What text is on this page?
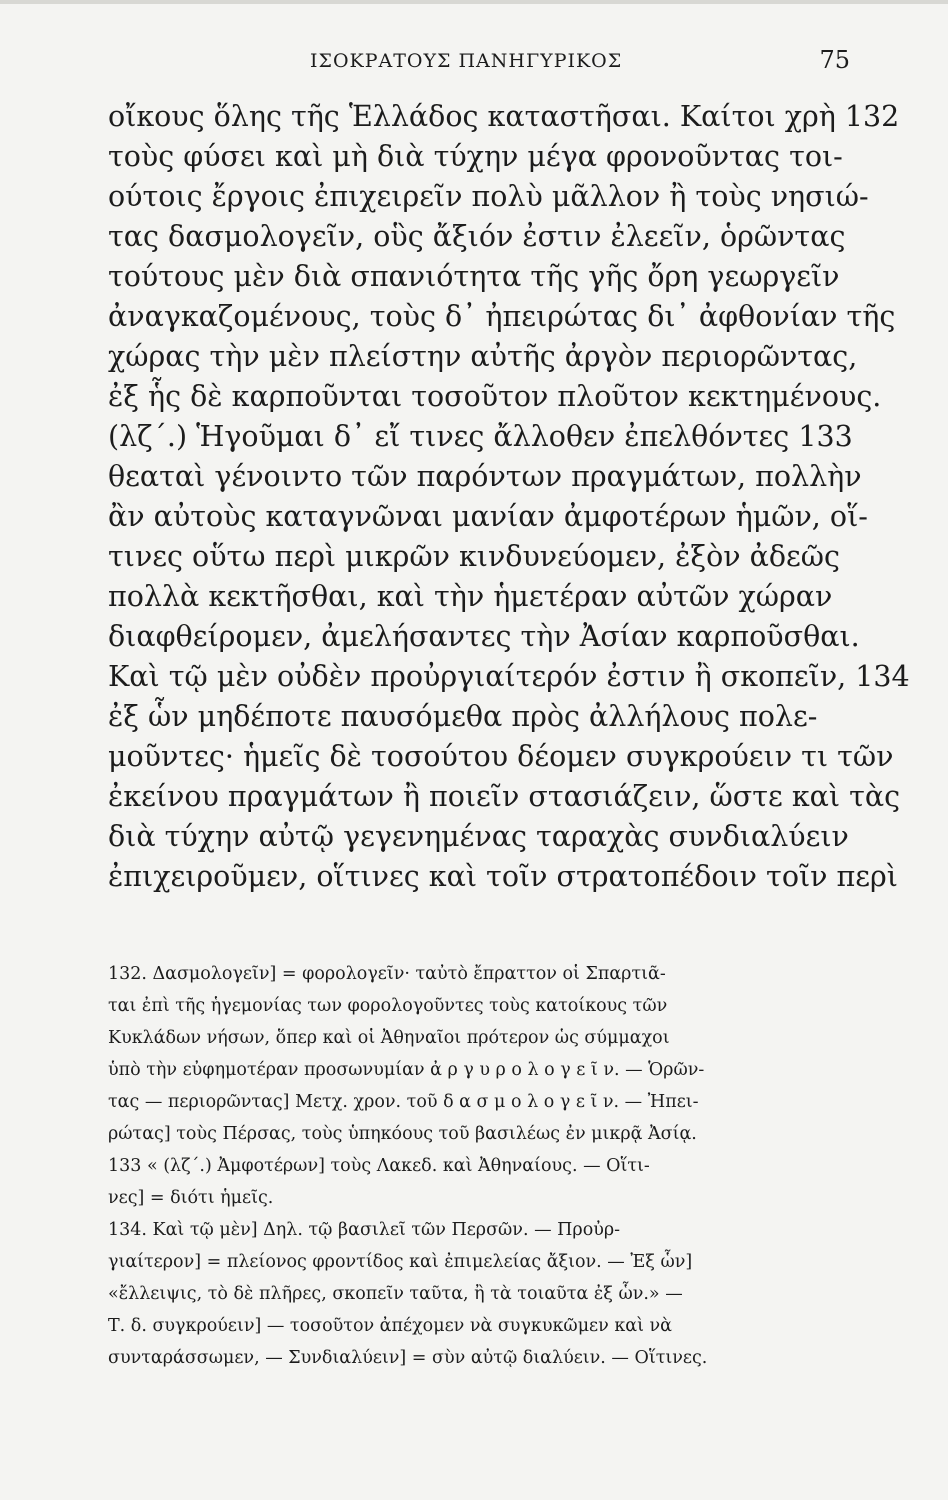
ΙΣΟΚΡΑΤΟΥΣ ΠΑΝΗΓΥΡΙΚΟΣ	75
οἴκους ὅλης τῆς Ἑλλάδος καταστῆσαι. Καίτοι χρὴ 132
τοὺς φύσει καὶ μὴ διὰ τύχην μέγα φρονοῦντας τοι-
ούτοις ἔργοις ἐπιχειρεῖν πολὺ μᾶλλον ἢ τοὺς νησιώ-
τας δασμολογεῖν, οὓς ἄξιόν ἐστιν ἐλεεῖν, ὁρῶντας
τούτους μὲν διὰ σπανιότητα τῆς γῆς ὄρη γεωργεῖν
ἀναγκαζομένους, τοὺς δ᾽ ἠπειρώτας δι᾽ ἀφθονίαν τῆς
χώρας τὴν μὲν πλείστην αὐτῆς ἀργὸν περιορῶντας,
ἐξ ἧς δὲ καρποῦνται τοσοῦτον πλοῦτον κεκτημένους.
(λζ΄.) Ἡγοῦμαι δ᾽ εἴ τινες ἄλλοθεν ἐπελθόντες 133
θεαταὶ γένοιντο τῶν παρόντων πραγμάτων, πολλὴν
ἂν αὐτοὺς καταγνῶναι μανίαν ἀμφοτέρων ἡμῶν, οἵ-
τινες οὕτω περὶ μικρῶν κινδυνεύομεν, ἐξὸν ἀδεῶς
πολλὰ κεκτῆσθαι, καὶ τὴν ἡμετέραν αὐτῶν χώραν
διαφθείρομεν, ἀμελήσαντες τὴν Ἀσίαν καρποῦσθαι.
Καὶ τῷ μὲν οὐδὲν προὐργιαίτερόν ἐστιν ἢ σκοπεῖν, 134
ἐξ ὧν μηδέποτε παυσόμεθα πρὸς ἀλλήλους πολε-
μοῦντες· ἡμεῖς δὲ τοσούτου δέομεν συγκρούειν τι τῶν
ἐκείνου πραγμάτων ἢ ποιεῖν στασιάζειν, ὥστε καὶ τὰς
διὰ τύχην αὐτῷ γεγενημένας ταραχὰς συνδιαλύειν
ἐπιχειροῦμεν, οἵτινες καὶ τοῖν στρατοπέδοιν τοῖν περὶ
132. Δασμολογεῖν] = φορολογεῖν· ταὐτὸ ἔπραττον οἱ Σπαρτιᾶ-
ται ἐπὶ τῆς ἡγεμονίας των φορολογοῦντες τοὺς κατοίκους τῶν
Κυκλάδων νήσων, ὅπερ καὶ οἱ Ἀθηναῖοι πρότερον ὡς σύμμαχοι
ὑπὸ τὴν εὐφημοτέραν προσωνυμίαν ἀ ρ γ υ ρ ο λ ο γ ε ῖ ν. — Ὁρῶν-
τας — περιορῶντας] Μετχ. χρον. τοῦ δ α σ μ ο λ ο γ ε ῖ ν. — Ἠπει-
ρώτας] τοὺς Πέρσας, τοὺς ὑπηκόους τοῦ βασιλέως ἐν μικρᾷ Ἀσίᾳ.
133 « (λζ΄.) Ἀμφοτέρων] τοὺς Λακεδ. καὶ Ἀθηναίους. — Οἵτι-
νες] = διότι ἡμεῖς.
134. Καὶ τῷ μὲν] Δηλ. τῷ βασιλεῖ τῶν Περσῶν. — Προὐρ-
γιαίτερον] = πλείονος φροντίδος καὶ ἐπιμελείας ἄξιον. — Ἐξ ὧν]
«ἔλλειψις, τὸ δὲ πλῆρες, σκοπεῖν ταῦτα, ἢ τὰ τοιαῦτα ἐξ ὧν.» —
Τ. δ. συγκρούειν] — τοσοῦτον ἀπέχομεν νὰ συγκυκῶμεν καὶ νὰ
συνταράσσωμεν, — Συνδιαλύειν] = σὺν αὐτῷ διαλύειν. — Οἵτινες.
